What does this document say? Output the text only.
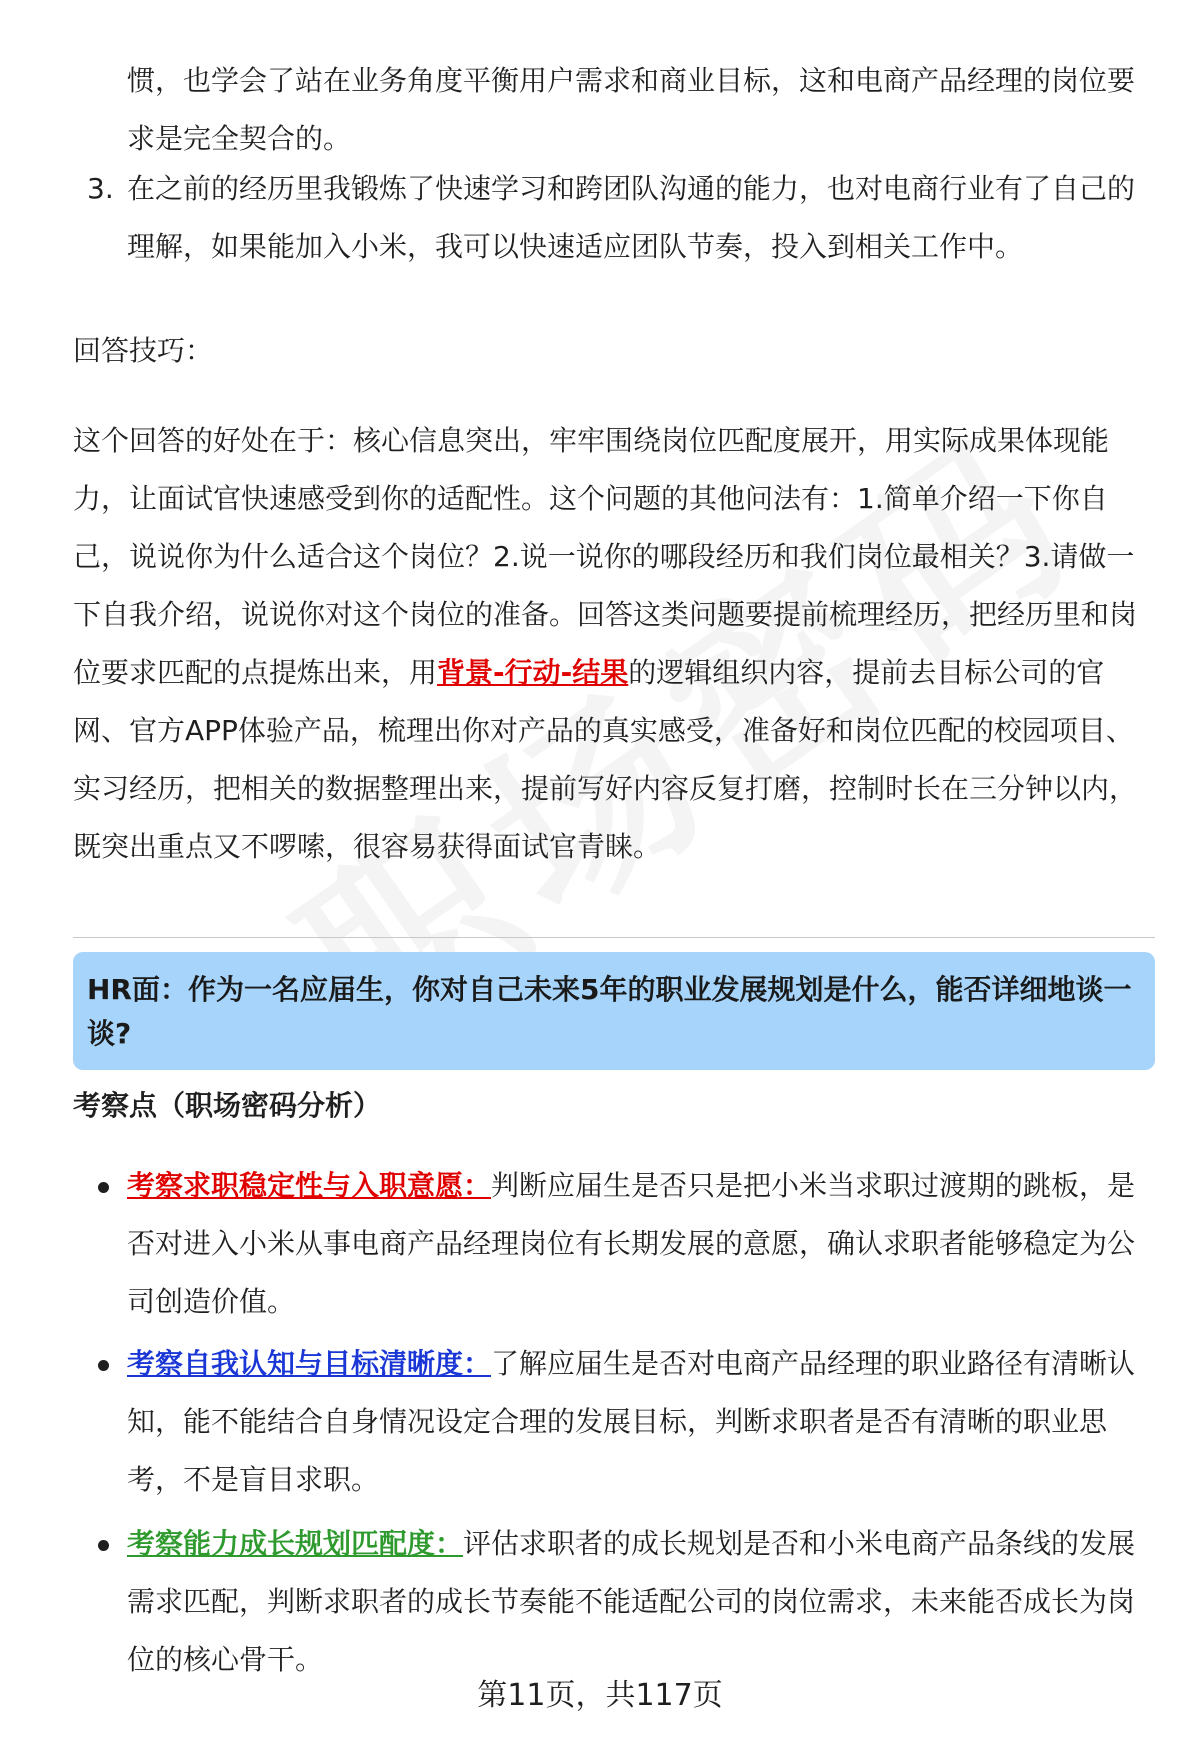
惯，也学会了站在业务角度平衡用户需求和商业目标，这和电商产品经理的岗位要求是完全契合的。
3. 在之前的经历里我锻炼了快速学习和跨团队沟通的能力，也对电商行业有了自己的理解，如果能加入小米，我可以快速适应团队节奏，投入到相关工作中。
回答技巧：
这个回答的好处在于：核心信息突出，牢牢围绕岗位匹配度展开，用实际成果体现能力，让面试官快速感受到你的适配性。这个问题的其他问法有：1.简单介绍一下你自己，说说你为什么适合这个岗位？2.说一说你的哪段经历和我们岗位最相关？3.请做一下自我介绍，说说你对这个岗位的准备。回答这类问题要提前梳理经历，把经历里和岗位要求匹配的点提炼出来，用背景-行动-结果的逻辑组织内容，提前去目标公司的官网、官方APP体验产品，梳理出你对产品的真实感受，准备好和岗位匹配的校园项目、实习经历，把相关的数据整理出来，提前写好内容反复打磨，控制时长在三分钟以内，既突出重点又不啰嗦，很容易获得面试官青睐。
HR面：作为一名应届生，你对自己未来5年的职业发展规划是什么，能否详细地谈一谈?
考察点（职场密码分析）
考察求职稳定性与入职意愿：判断应届生是否只是把小米当求职过渡期的跳板，是否对进入小米从事电商产品经理岗位有长期发展的意愿，确认求职者能够稳定为公司创造价值。
考察自我认知与目标清晰度：了解应届生是否对电商产品经理的职业路径有清晰认知，能不能结合自身情况设定合理的发展目标，判断求职者是否有清晰的职业思考，不是盲目求职。
考察能力成长规划匹配度：评估求职者的成长规划是否和小米电商产品条线的发展需求匹配，判断求职者的成长节奏能不能适配公司的岗位需求，未来能否成长为岗位的核心骨干。
第11页，共117页
